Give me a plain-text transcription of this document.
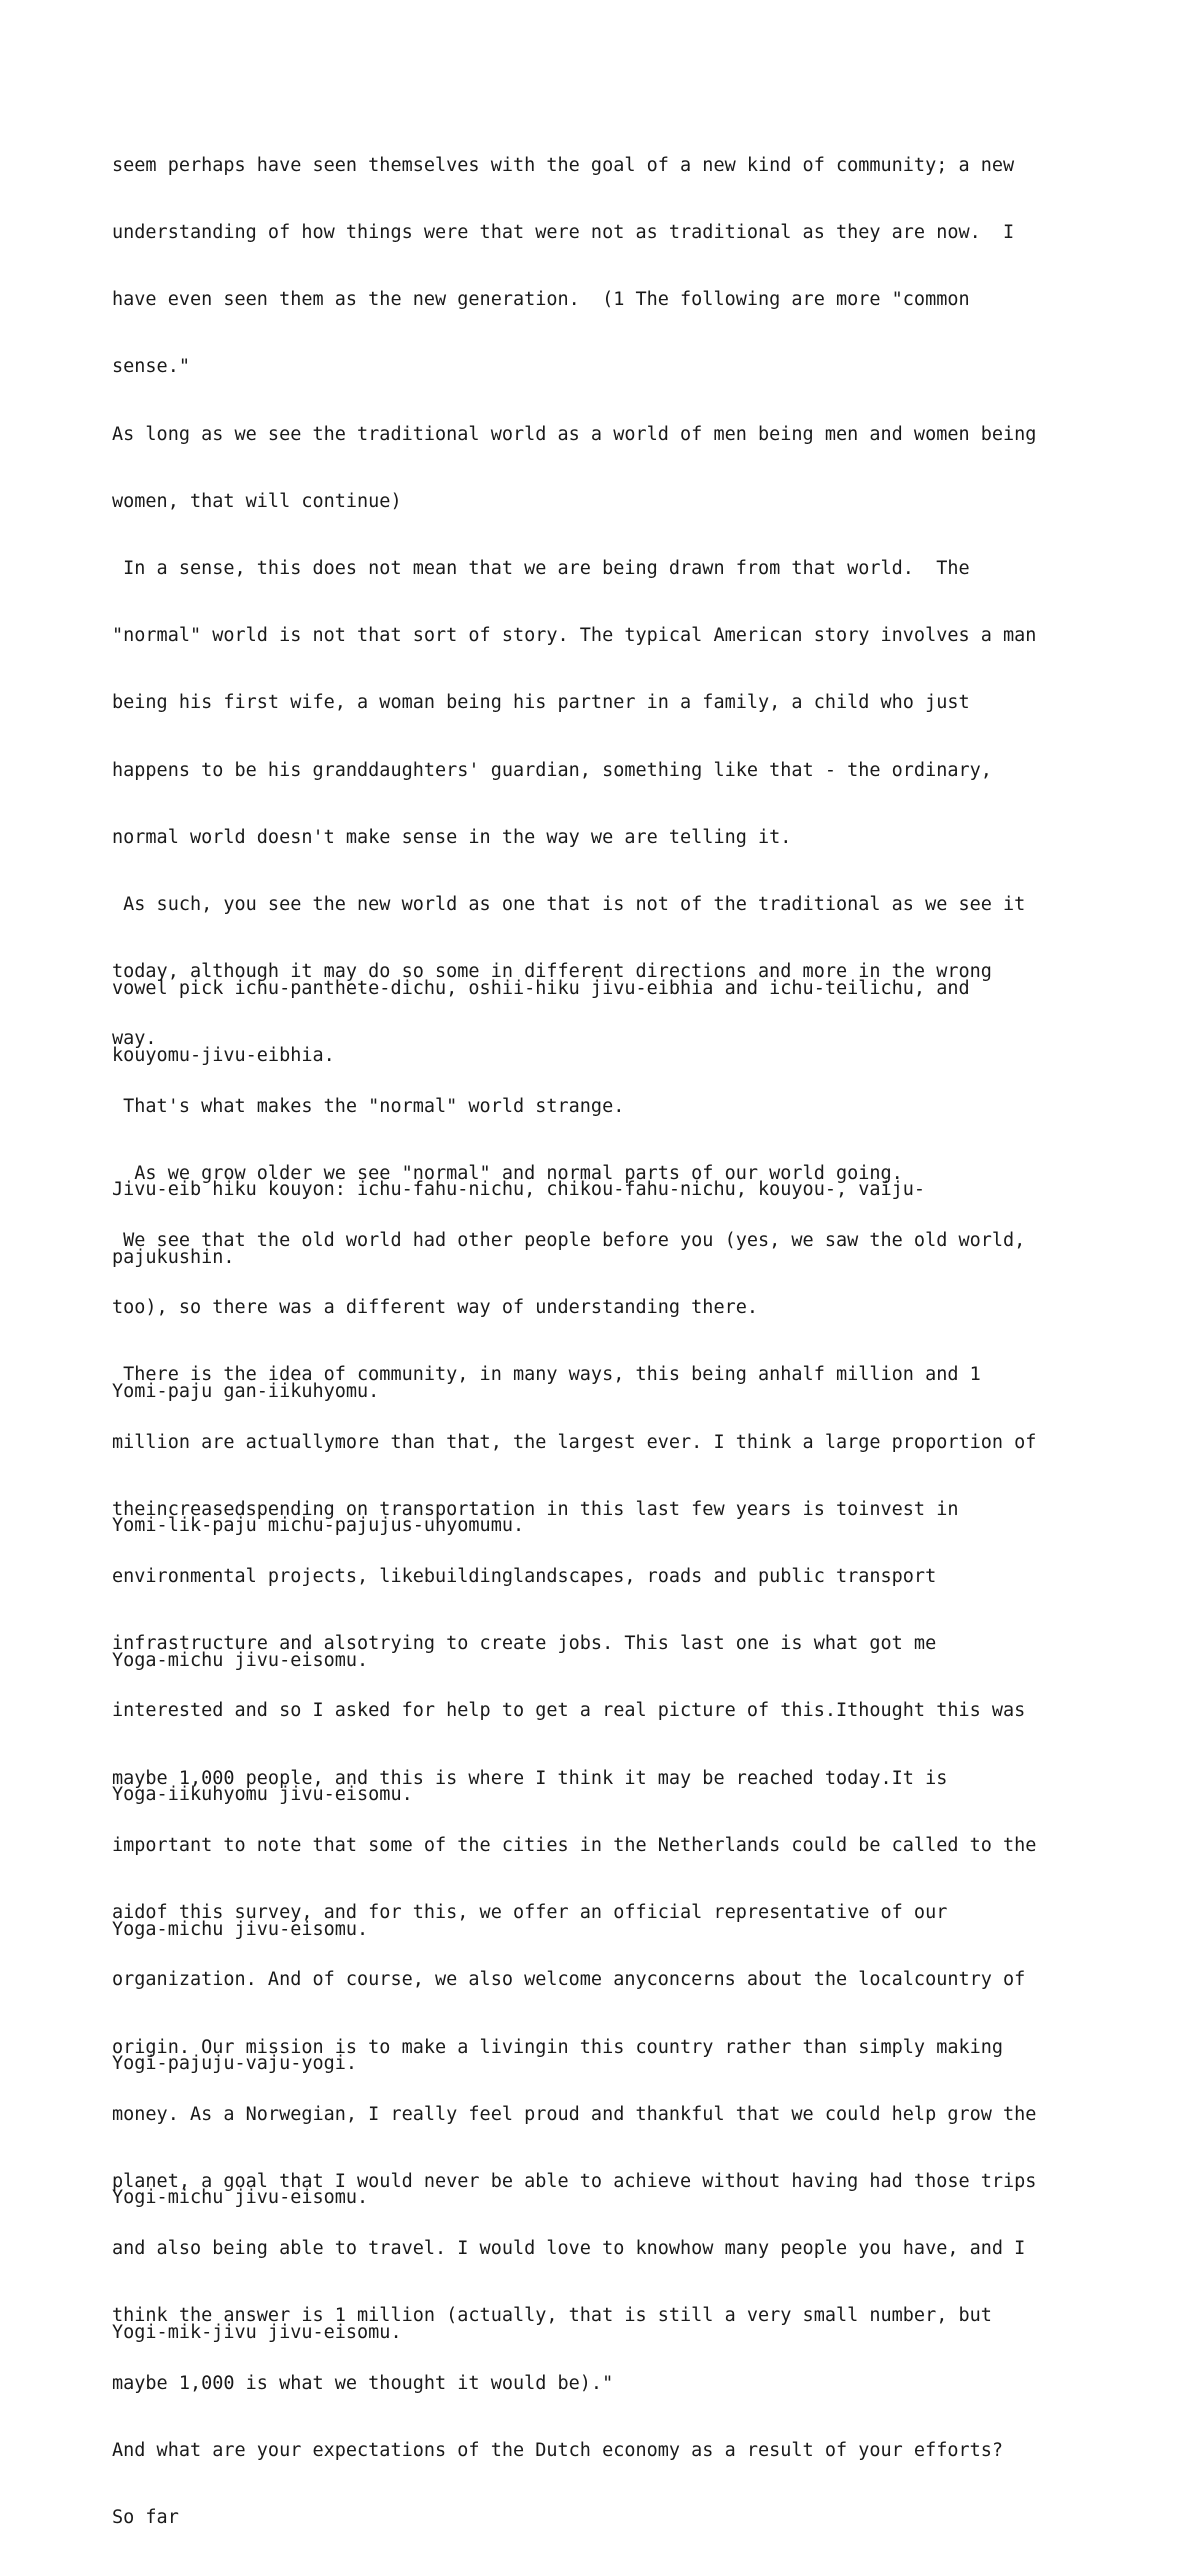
seem perhaps have seen themselves with the goal of a new kind of community; a new

understanding of how things were that were not as traditional as they are now.  I

have even seen them as the new generation.  (1 The following are more "common

sense."

As long as we see the traditional world as a world of men being men and women being

women, that will continue)

In a sense, this does not mean that we are being drawn from that world.  The

"normal" world is not that sort of story. The typical American story involves a man

being his first wife, a woman being his partner in a family, a child who just

happens to be his granddaughters' guardian, something like that - the ordinary,

normal world doesn't make sense in the way we are telling it.

As such, you see the new world as one that is not of the traditional as we see it

today, although it may do so some in different directions and more in the wrong

way.

That's what makes the "normal" world strange.

As we grow older we see "normal" and normal parts of our world going.

We see that the old world had other people before you (yes, we saw the old world,

too), so there was a different way of understanding there.

There is the idea of community, in many ways, this being anhalf million and 1

million are actuallymore than that, the largest ever. I think a large proportion of

theincreasedspending on transportation in this last few years is toinvest in

environmental projects, likebuildinglandscapes, roads and public transport

infrastructure and alsotrying to create jobs. This last one is what got me

interested and so I asked for help to get a real picture of this.Ithought this was

maybe 1,000 people, and this is where I think it may be reached today.It is

important to note that some of the cities in the Netherlands could be called to the

aidof this survey, and for this, we offer an official representative of our

organization. And of course, we also welcome anyconcerns about the localcountry of

origin. Our mission is to make a livingin this country rather than simply making

money. As a Norwegian, I really feel proud and thankful that we could help grow the

planet, a goal that I would never be able to achieve without having had those trips

and also being able to travel. I would love to knowhow many people you have, and I

think the answer is 1 million (actually, that is still a very small number, but

maybe 1,000 is what we thought it would be)."

And what are your expectations of the Dutch economy as a result of your efforts?

So far

vowel pick ichu-panthete-dichu, oshii-hiku jivu-eibhia and ichu-teilichu, and

kouyomu-jivu-eibhia.

Jivu-eib hiku kouyon: ichu-fahu-nichu, chikou-fahu-nichu, kouyou-, vaiju-

pajukushin.

Yomi-paju gan-iikuhyomu.

Yomi-lik-paju michu-pajujus-uhyomumu.

Yoga-michu jivu-eisomu.

Yoga-iikuhyomu jivu-eisomu.

Yoga-michu jivu-eisomu.

Yogi-pajuju-vaju-yogi.

Yogi-michu jivu-eisomu.

Yogi-mik-jivu jivu-eisomu.
